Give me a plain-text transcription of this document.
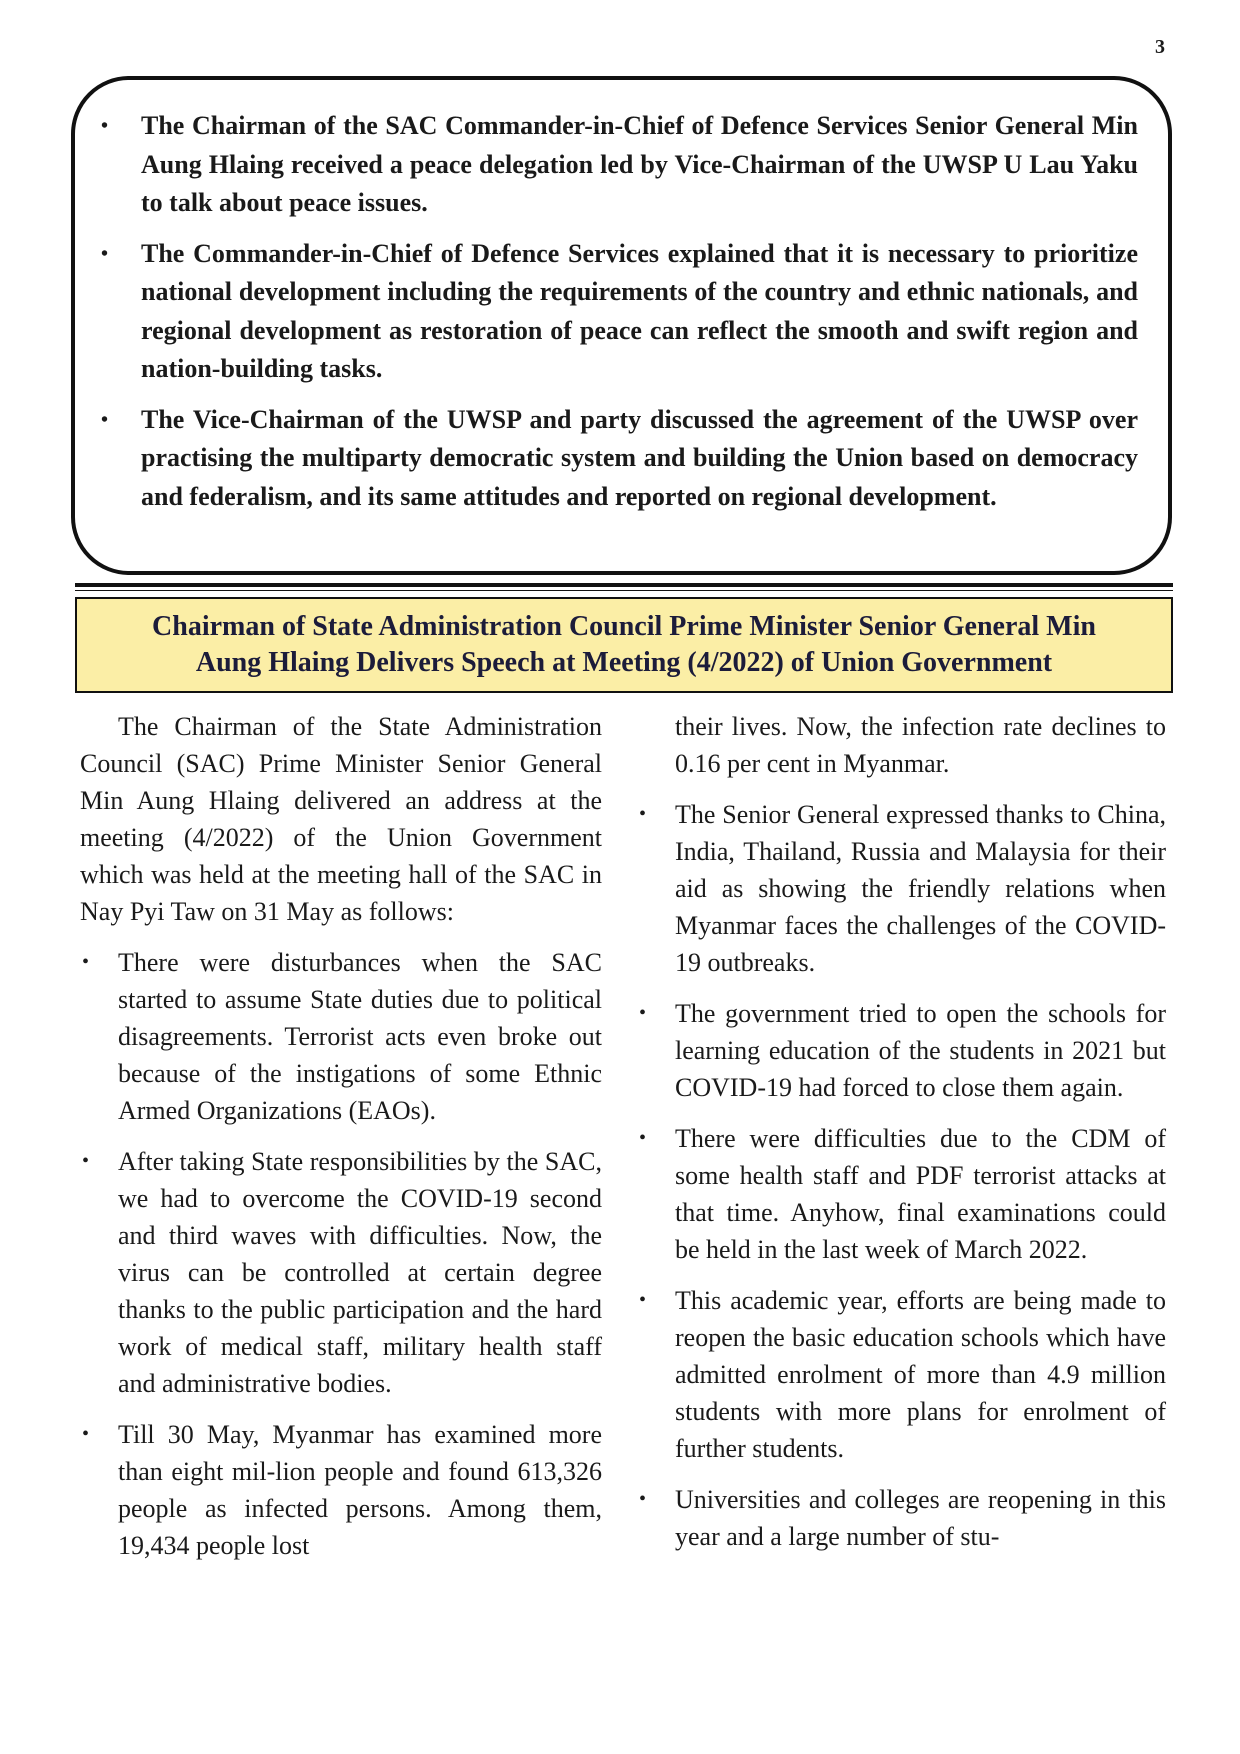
3
• The Chairman of the SAC Commander-in-Chief of Defence Services Senior General Min Aung Hlaing received a peace delegation led by Vice-Chairman of the UWSP U Lau Yaku to talk about peace issues.
• The Commander-in-Chief of Defence Services explained that it is necessary to prioritize national development including the requirements of the country and ethnic nationals, and regional development as restoration of peace can reflect the smooth and swift region and nation-building tasks.
• The Vice-Chairman of the UWSP and party discussed the agreement of the UWSP over practising the multiparty democratic system and building the Union based on democracy and federalism, and its same attitudes and reported on regional development.
Chairman of State Administration Council Prime Minister Senior General Min
Aung Hlaing Delivers Speech at Meeting (4/2022) of Union Government

The Chairman of the State Administration Council (SAC) Prime Minister Senior General Min Aung Hlaing delivered an address at the meeting (4/2022) of the Union Government which was held at the meeting hall of the SAC in Nay Pyi Taw on 31 May as follows:

• There were disturbances when the SAC started to assume State duties due to political disagreements. Terrorist acts even broke out because of the instigations of some Ethnic Armed Organizations (EAOs).
• After taking State responsibilities by the SAC, we had to overcome the COVID-19 second and third waves with difficulties. Now, the virus can be controlled at certain degree thanks to the public participation and the hard work of medical staff, military health staff and administrative bodies.
• Till 30 May, Myanmar has examined more than eight mil-lion people and found 613,326 people as infected persons. Among them, 19,434 people lost

their lives. Now, the infection rate declines to 0.16 per cent in Myanmar.

• The Senior General expressed thanks to China, India, Thailand, Russia and Malaysia for their aid as showing the friendly relations when Myanmar faces the challenges of the COVID-19 outbreaks.
• The government tried to open the schools for learning education of the students in 2021 but COVID-19 had forced to close them again.
• There were difficulties due to the CDM of some health staff and PDF terrorist attacks at that time. Anyhow, final examinations could be held in the last week of March 2022.
• This academic year, efforts are being made to reopen the basic education schools which have admitted enrolment of more than 4.9 million students with more plans for enrolment of further students.
• Universities and colleges are reopening in this year and a large number of stu-
